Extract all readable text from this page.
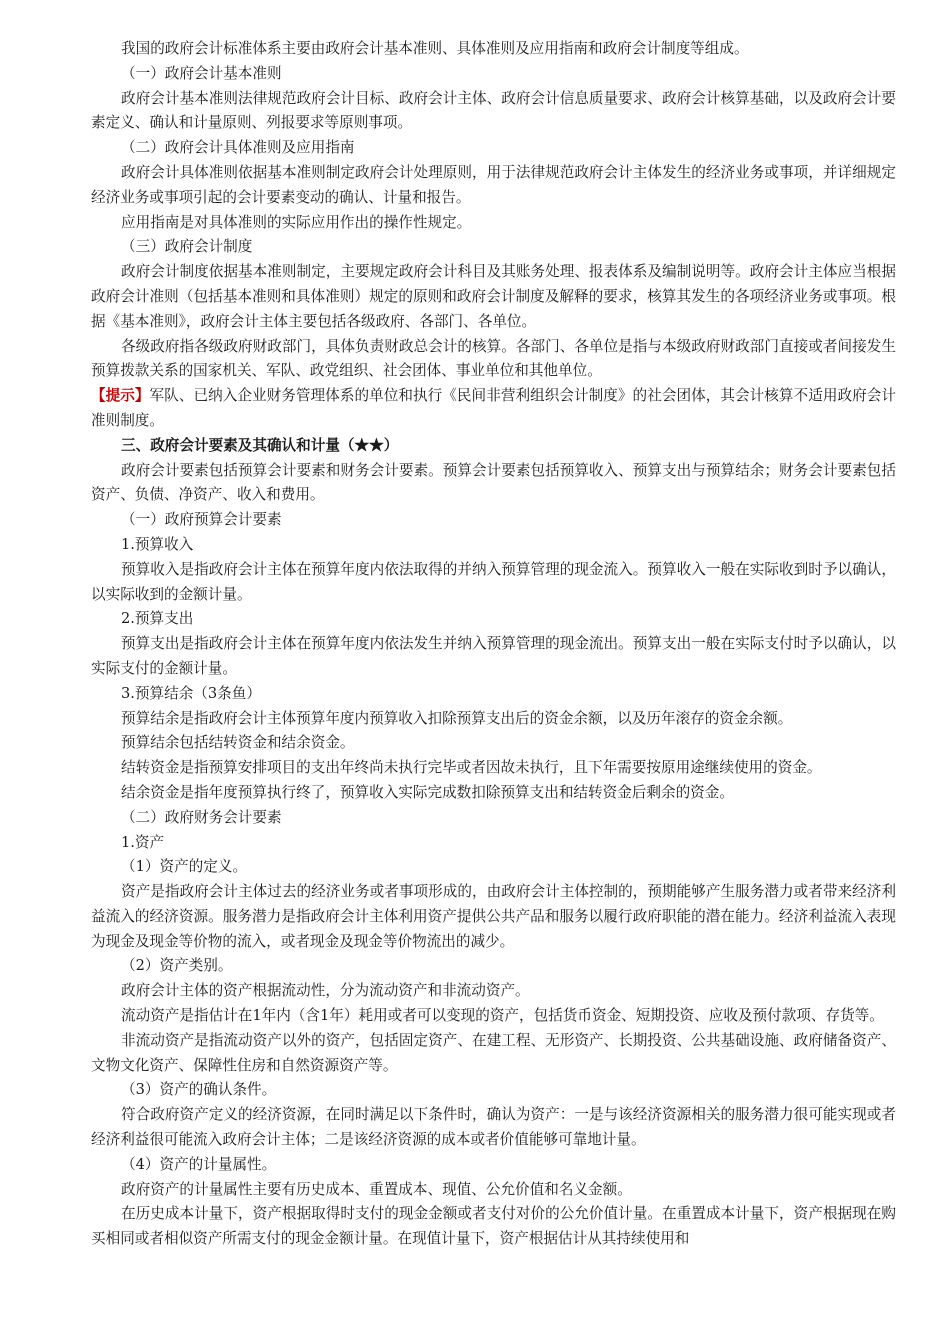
我国的政府会计标准体系主要由政府会计基本准则、具体准则及应用指南和政府会计制度等组成。

（一）政府会计基本准则

政府会计基本准则法律规范政府会计目标、政府会计主体、政府会计信息质量要求、政府会计核算基础，以及政府会计要素定义、确认和计量原则、列报要求等原则事项。

（二）政府会计具体准则及应用指南

政府会计具体准则依据基本准则制定政府会计处理原则，用于法律规范政府会计主体发生的经济业务或事项，并详细规定经济业务或事项引起的会计要素变动的确认、计量和报告。

应用指南是对具体准则的实际应用作出的操作性规定。

（三）政府会计制度

政府会计制度依据基本准则制定，主要规定政府会计科目及其账务处理、报表体系及编制说明等。政府会计主体应当根据政府会计准则（包括基本准则和具体准则）规定的原则和政府会计制度及解释的要求，核算其发生的各项经济业务或事项。根据《基本准则》，政府会计主体主要包括各级政府、各部门、各单位。

各级政府指各级政府财政部门，具体负责财政总会计的核算。各部门、各单位是指与本级政府财政部门直接或者间接发生预算拨款关系的国家机关、军队、政党组织、社会团体、事业单位和其他单位。

【提示】军队、已纳入企业财务管理体系的单位和执行《民间非营利组织会计制度》的社会团体，其会计核算不适用政府会计准则制度。

三、政府会计要素及其确认和计量（★★）

政府会计要素包括预算会计要素和财务会计要素。预算会计要素包括预算收入、预算支出与预算结余；财务会计要素包括资产、负债、净资产、收入和费用。

（一）政府预算会计要素

1.预算收入

预算收入是指政府会计主体在预算年度内依法取得的并纳入预算管理的现金流入。预算收入一般在实际收到时予以确认，以实际收到的金额计量。

2.预算支出

预算支出是指政府会计主体在预算年度内依法发生并纳入预算管理的现金流出。预算支出一般在实际支付时予以确认，以实际支付的金额计量。

3.预算结余（3条鱼）

预算结余是指政府会计主体预算年度内预算收入扣除预算支出后的资金余额，以及历年滚存的资金余额。

预算结余包括结转资金和结余资金。

结转资金是指预算安排项目的支出年终尚未执行完毕或者因故未执行，且下年需要按原用途继续使用的资金。

结余资金是指年度预算执行终了，预算收入实际完成数扣除预算支出和结转资金后剩余的资金。

（二）政府财务会计要素

1.资产

（1）资产的定义。

资产是指政府会计主体过去的经济业务或者事项形成的，由政府会计主体控制的，预期能够产生服务潜力或者带来经济利益流入的经济资源。服务潜力是指政府会计主体利用资产提供公共产品和服务以履行政府职能的潜在能力。经济利益流入表现为现金及现金等价物的流入，或者现金及现金等价物流出的减少。

（2）资产类别。

政府会计主体的资产根据流动性，分为流动资产和非流动资产。

流动资产是指估计在1年内（含1年）耗用或者可以变现的资产，包括货币资金、短期投资、应收及预付款项、存货等。

非流动资产是指流动资产以外的资产，包括固定资产、在建工程、无形资产、长期投资、公共基础设施、政府储备资产、文物文化资产、保障性住房和自然资源资产等。

（3）资产的确认条件。

符合政府资产定义的经济资源，在同时满足以下条件时，确认为资产：一是与该经济资源相关的服务潜力很可能实现或者经济利益很可能流入政府会计主体；二是该经济资源的成本或者价值能够可靠地计量。

（4）资产的计量属性。

政府资产的计量属性主要有历史成本、重置成本、现值、公允价值和名义金额。

在历史成本计量下，资产根据取得时支付的现金金额或者支付对价的公允价值计量。在重置成本计量下，资产根据现在购买相同或者相似资产所需支付的现金金额计量。在现值计量下，资产根据估计从其持续使用和
